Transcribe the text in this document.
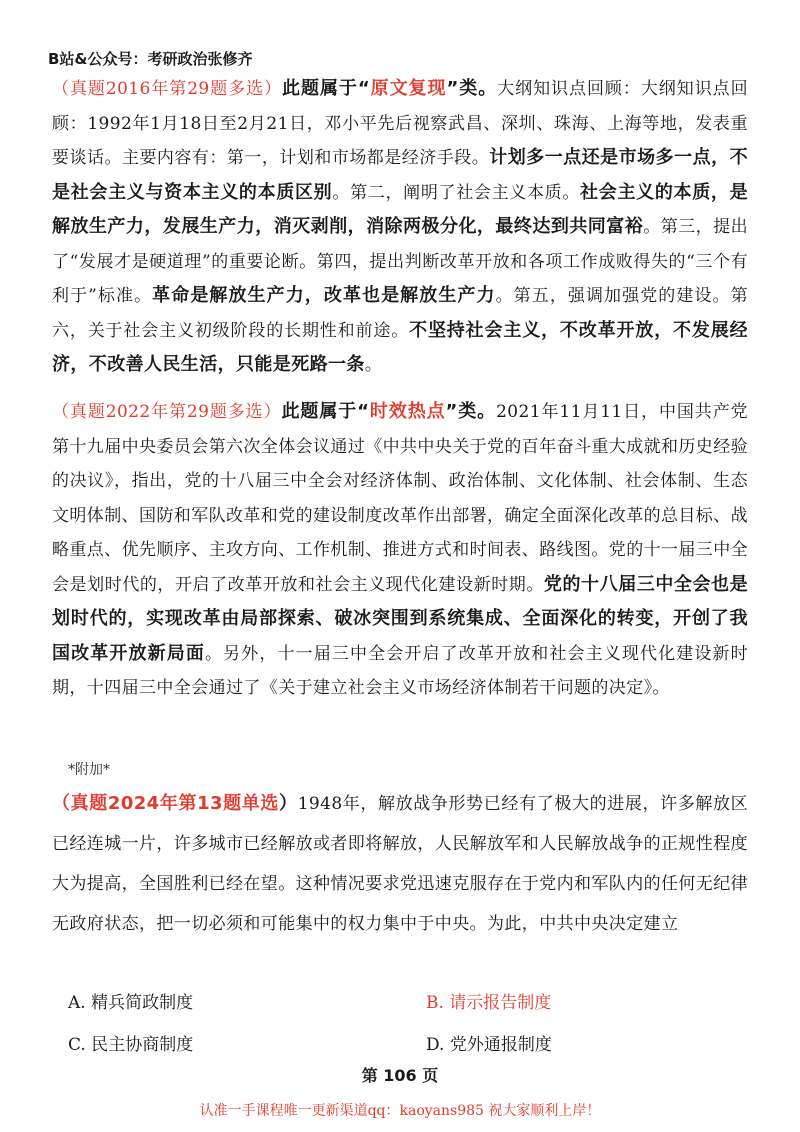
B站&公众号：考研政治张修齐
（真题2016年第29题多选）此题属于“原文复现”类。大纲知识点回顾：大纲知识点回顾：1992年1月18日至2月21日，邓小平先后视察武昌、深圳、珠海、上海等地，发表重要谈话。主要内容有：第一，计划和市场都是经济手段。计划多一点还是市场多一点，不是社会主义与资本主义的本质区别。第二，阐明了社会主义本质。社会主义的本质，是解放生产力，发展生产力，消灭剥削，消除两极分化，最终达到共同富裕。第三，提出了“发展才是硬道理”的重要论断。第四，提出判断改革开放和各项工作成败得失的“三个有利于”标准。革命是解放生产力，改革也是解放生产力。第五，强调加强党的建设。第六，关于社会主义初级阶段的长期性和前途。不坚持社会主义，不改革开放，不发展经济，不改善人民生活，只能是死路一条。
（真题2022年第29题多选）此题属于“时效热点”类。2021年11月11日，中国共产党第十九届中央委员会第六次全体会议通过《中共中央关于党的百年奋斗重大成就和历史经验的决议》，指出，党的十八届三中全会对经济体制、政治体制、文化体制、社会体制、生态文明体制、国防和军队改革和党的建设制度改革作出部署，确定全面深化改革的总目标、战略重点、优先顺序、主攻方向、工作机制、推进方式和时间表、路线图。党的十一届三中全会是划时代的，开启了改革开放和社会主义现代化建设新时期。党的十八届三中全会也是划时代的，实现改革由局部探索、破冰突围到系统集成、全面深化的转变，开创了我国改革开放新局面。另外，十一届三中全会开启了改革开放和社会主义现代化建设新时期，十四届三中全会通过了《关于建立社会主义市场经济体制若干问题的决定》。
*附加*
（真题2024年第13题单选）1948年，解放战争形势已经有了极大的进展，许多解放区已经连城一片，许多城市已经解放或者即将解放，人民解放军和人民解放战争的正规性程度大为提高，全国胜利已经在望。这种情况要求党迅速克服存在于党内和军队内的任何无纪律无政府状态，把一切必须和可能集中的权力集中于中央。为此，中共中央决定建立
A. 精兵简政制度	B. 请示报告制度
C. 民主协商制度	D. 党外通报制度
第 106 页
认准一手课程唯一更新渠道qq：kaoyans985 祝大家顺利上岸！
